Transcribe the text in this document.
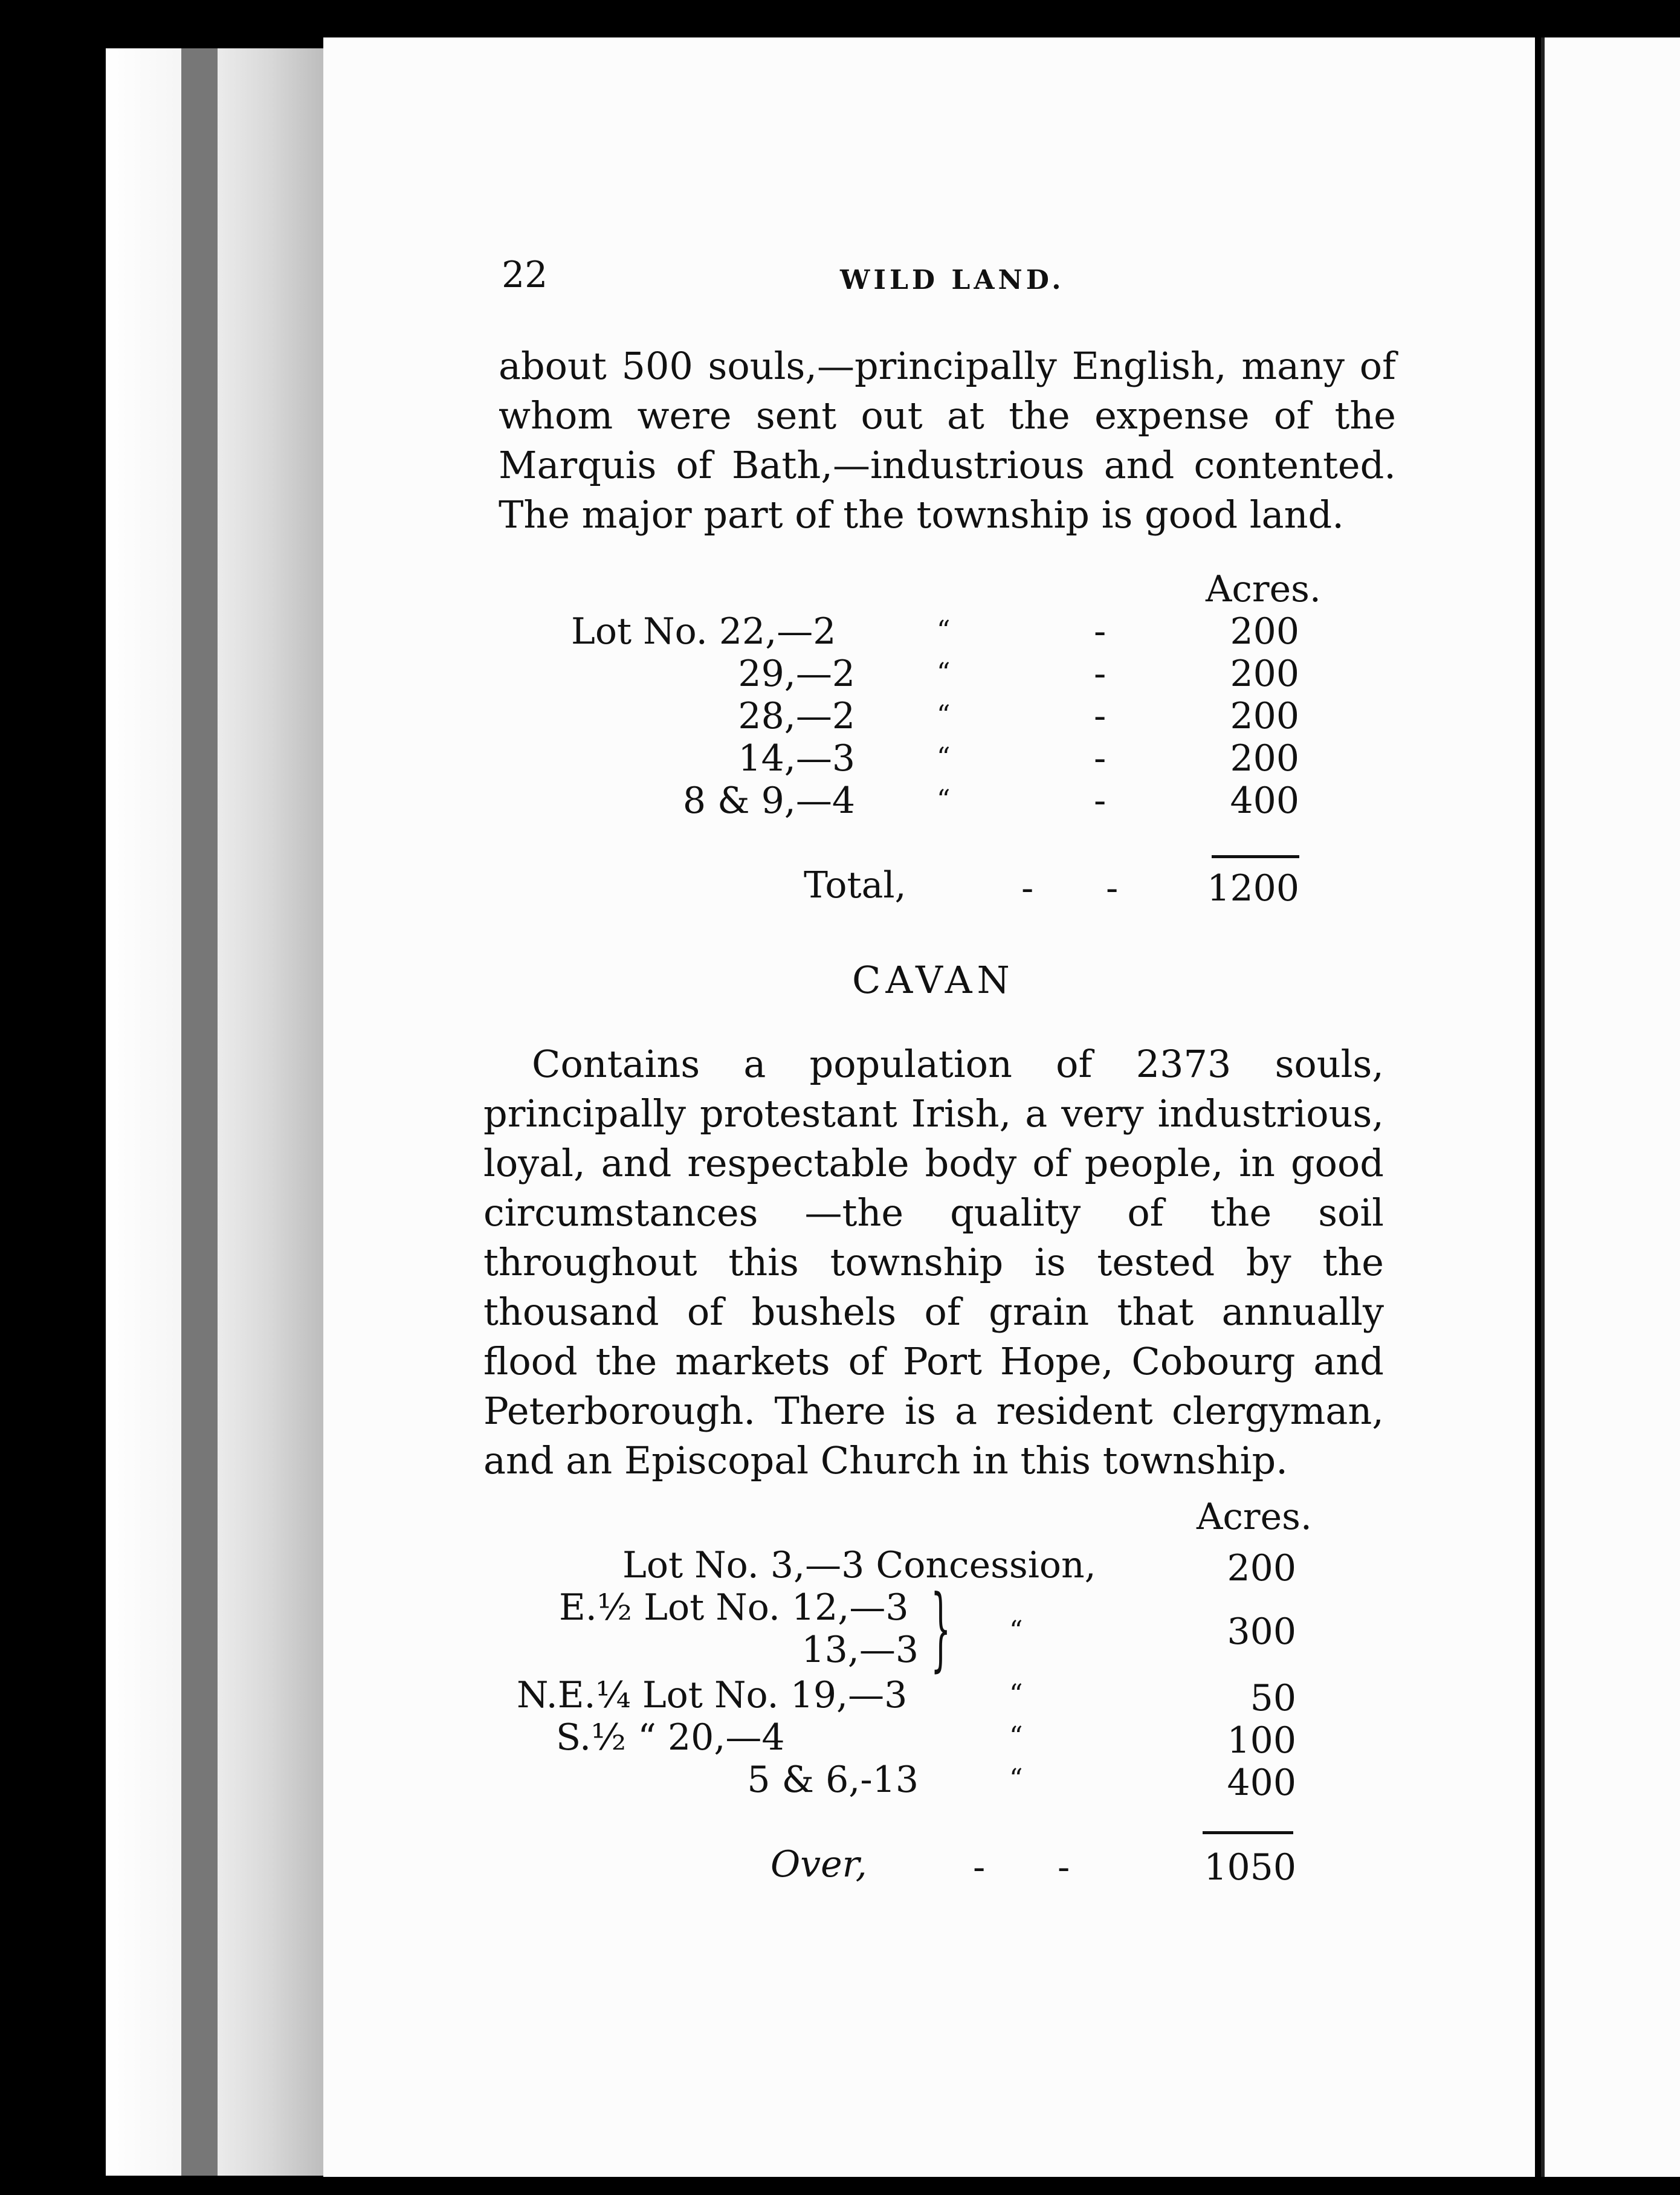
22	WILD LAND.
about 500 souls,—principally English, many of whom were sent out at the expense of the Marquis of Bath,—industrious and contented. The major part of the township is good land.
Acres.
Lot No. 22,—2	“	-	200
29,—2	“	-	200
28,—2	“	-	200
14,—3	“	-	200
8 & 9,—4	“	-	400
Total,	- - 1200
CAVAN
Contains a population of 2373 souls, principally protestant Irish, a very industrious, loyal, and respectable body of people, in good circumstances —the quality of the soil throughout this township is tested by the thousand of bushels of grain that annually flood the markets of Port Hope, Cobourg and Peterborough. There is a resident clergyman, and an Episcopal Church in this township.
Acres.
Lot No. 3,—3 Concession,	200
E.½ Lot No. 12,—3
13,—3 } “	300
N.E.¼ Lot No. 19,—3	“	50
S.½ “ 20,—4	“	100
5 & 6,-13	“	400
Over,	- -	1050
